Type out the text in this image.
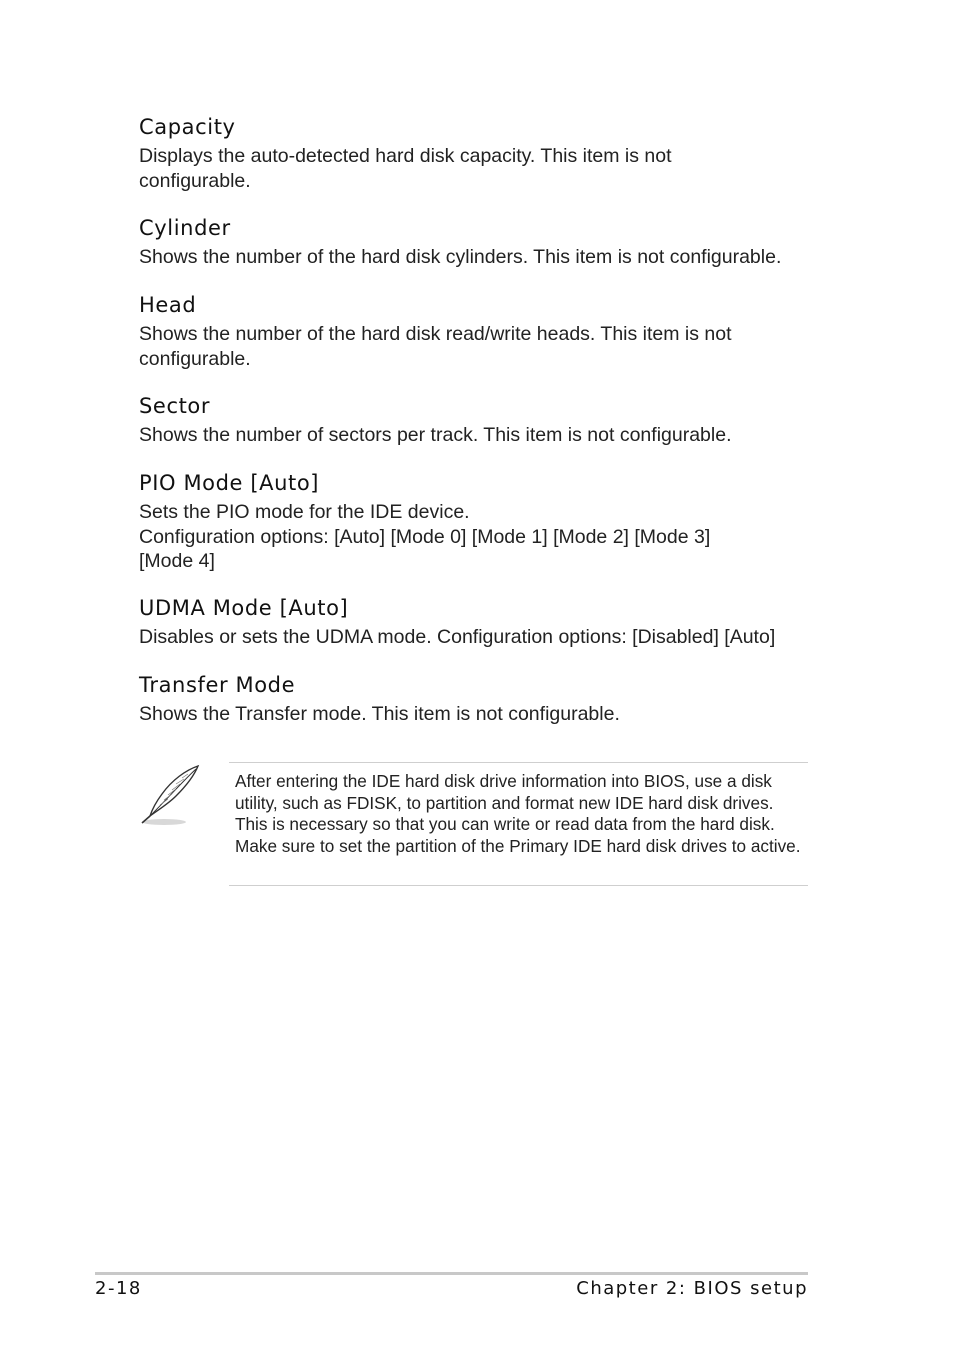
Capacity

Displays the auto-detected hard disk capacity. This item is not configurable.

Cylinder

Shows the number of the hard disk cylinders. This item is not configurable.

Head

Shows the number of the hard disk read/write heads. This item is not configurable.

Sector

Shows the number of sectors per track. This item is not configurable.

PIO Mode [Auto]

Sets the PIO mode for the IDE device.

Configuration options: [Auto] [Mode 0] [Mode 1] [Mode 2] [Mode 3] [Mode 4]

UDMA Mode [Auto]

Disables or sets the UDMA mode. Configuration options: [Disabled] [Auto]

Transfer Mode

Shows the Transfer mode. This item is not configurable.

After entering the IDE hard disk drive information into BIOS, use a disk utility, such as FDISK, to partition and format new IDE hard disk drives. This is necessary so that you can write or read data from the hard disk. Make sure to set the partition of the Primary IDE hard disk drives to active.

2-18	Chapter 2: BIOS setup
